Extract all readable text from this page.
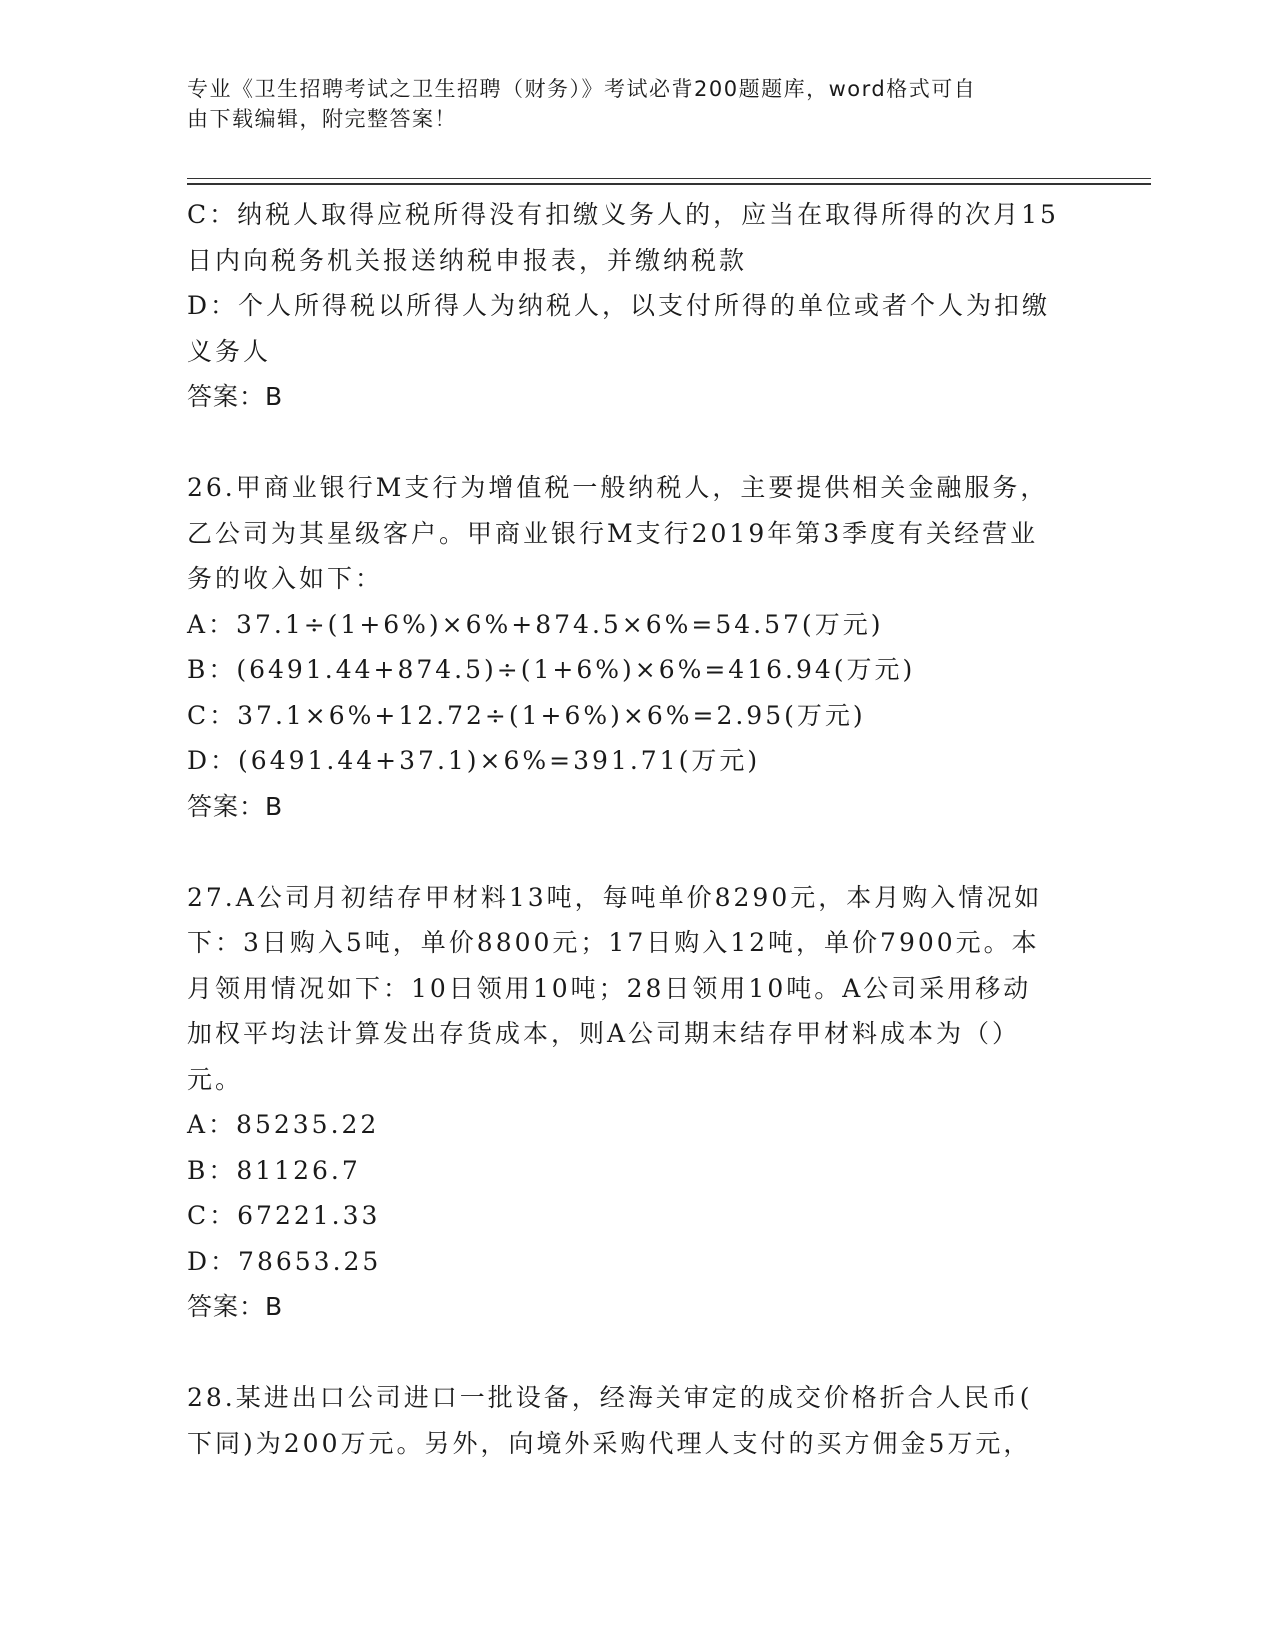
专业《卫生招聘考试之卫生招聘（财务）》考试必背200题题库，word格式可自
由下载编辑，附完整答案！
C：纳税人取得应税所得没有扣缴义务人的，应当在取得所得的次月15
日内向税务机关报送纳税申报表，并缴纳税款
D：个人所得税以所得人为纳税人，以支付所得的单位或者个人为扣缴
义务人
答案：B
26.甲商业银行M支行为增值税一般纳税人，主要提供相关金融服务，
乙公司为其星级客户。甲商业银行M支行2019年第3季度有关经营业
务的收入如下：
A：37.1÷(1+6%)×6%+874.5×6%=54.57(万元)
B：(6491.44+874.5)÷(1+6%)×6%=416.94(万元)
C：37.1×6%+12.72÷(1+6%)×6%=2.95(万元)
D：(6491.44+37.1)×6%=391.71(万元)
答案：B
27.A公司月初结存甲材料13吨，每吨单价8290元，本月购入情况如
下：3日购入5吨，单价8800元；17日购入12吨，单价7900元。本
月领用情况如下：10日领用10吨；28日领用10吨。A公司采用移动
加权平均法计算发出存货成本，则A公司期末结存甲材料成本为（）
元。
A：85235.22
B：81126.7
C：67221.33
D：78653.25
答案：B
28.某进出口公司进口一批设备，经海关审定的成交价格折合人民币(
下同)为200万元。另外，向境外采购代理人支付的买方佣金5万元，
